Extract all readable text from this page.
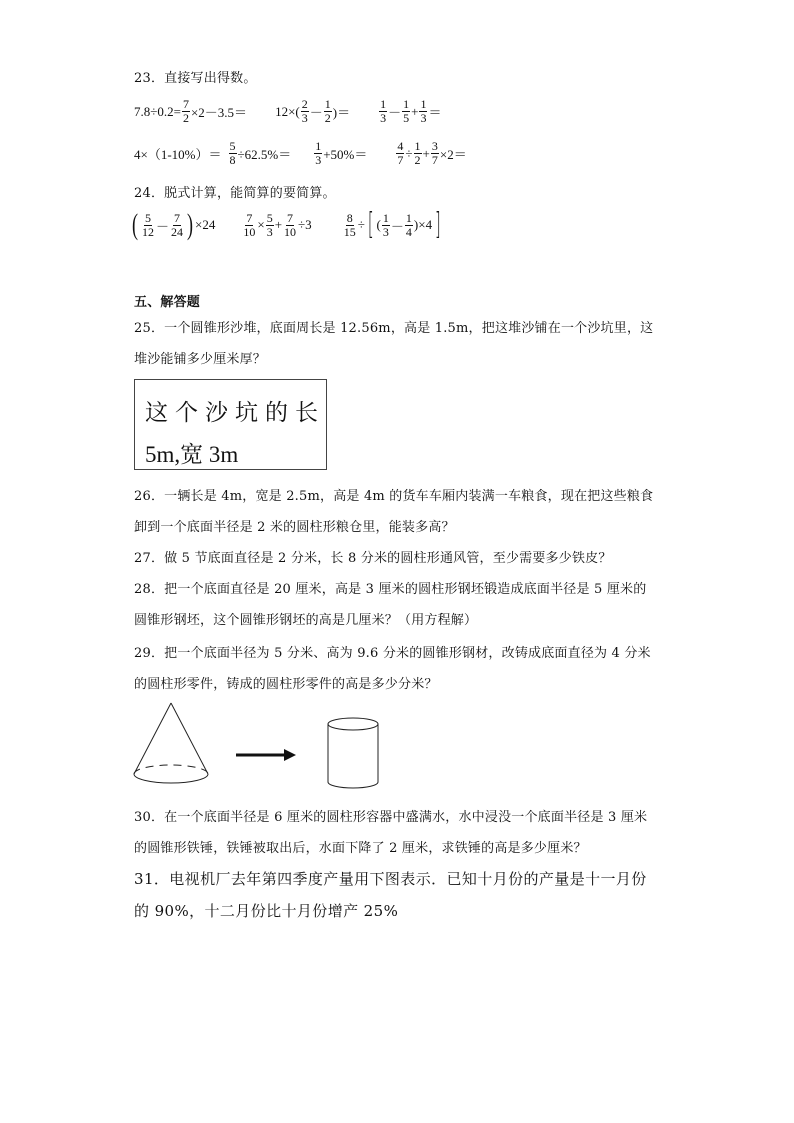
23．直接写出得数。
$7.8\div 0.2= \frac{7}{2} \times 2-3.5= 12\times( \frac{2}{3} - \frac{1}{2}$ )＝ $\frac{1}{3} - \frac{1}{5} + \frac{1}{3}$ ＝
$4\times(1-10\%)= \frac{5}{8} \div 62.5\%= \frac{1}{3} +50\%= \frac{4}{7} \div \frac{1}{2} + \frac{3}{7} \times 2=$
24．脱式计算，能简算的要简算。
( $\frac{5}{12} - \frac{7}{24}$ ) $\times 24 \frac{7}{10} \times \frac{5}{3} + \frac{7}{10} \div 3$	$\frac{8}{15}$ ÷ [ ( $\frac{1}{3} - \frac{1}{4} )\times 4$ ]
五、解答题
25．一个圆锥形沙堆，底面周长是 12.56m，高是 1.5m，把这堆沙铺在一个沙坑里，这
堆沙能铺多少厘米厚？
这个沙坑的长
5m,宽 3m
26．一辆长是 4m，宽是 2.5m，高是 4m 的货车车厢内装满一车粮食，现在把这些粮食
卸到一个底面半径是 2 米的圆柱形粮仓里，能装多高？
27．做 5 节底面直径是 2 分米，长 8 分米的圆柱形通风管，至少需要多少铁皮？
28．把一个底面直径是 20 厘米，高是 3 厘米的圆柱形钢坯锻造成底面半径是 5 厘米的
圆锥形钢坯，这个圆锥形钢坯的高是几厘米？（用方程解）
29．把一个底面半径为 5 分米、高为 9.6 分米的圆锥形钢材，改铸成底面直径为 4 分米
的圆柱形零件，铸成的圆柱形零件的高是多少分米？
30．在一个底面半径是 6 厘米的圆柱形容器中盛满水，水中浸没一个底面半径是 3 厘米
的圆锥形铁锤，铁锤被取出后，水面下降了 2 厘米，求铁锤的高是多少厘米？
31．电视机厂去年第四季度产量用下图表示．已知十月份的产量是十一月份
的 90%，十二月份比十月份增产 25%
